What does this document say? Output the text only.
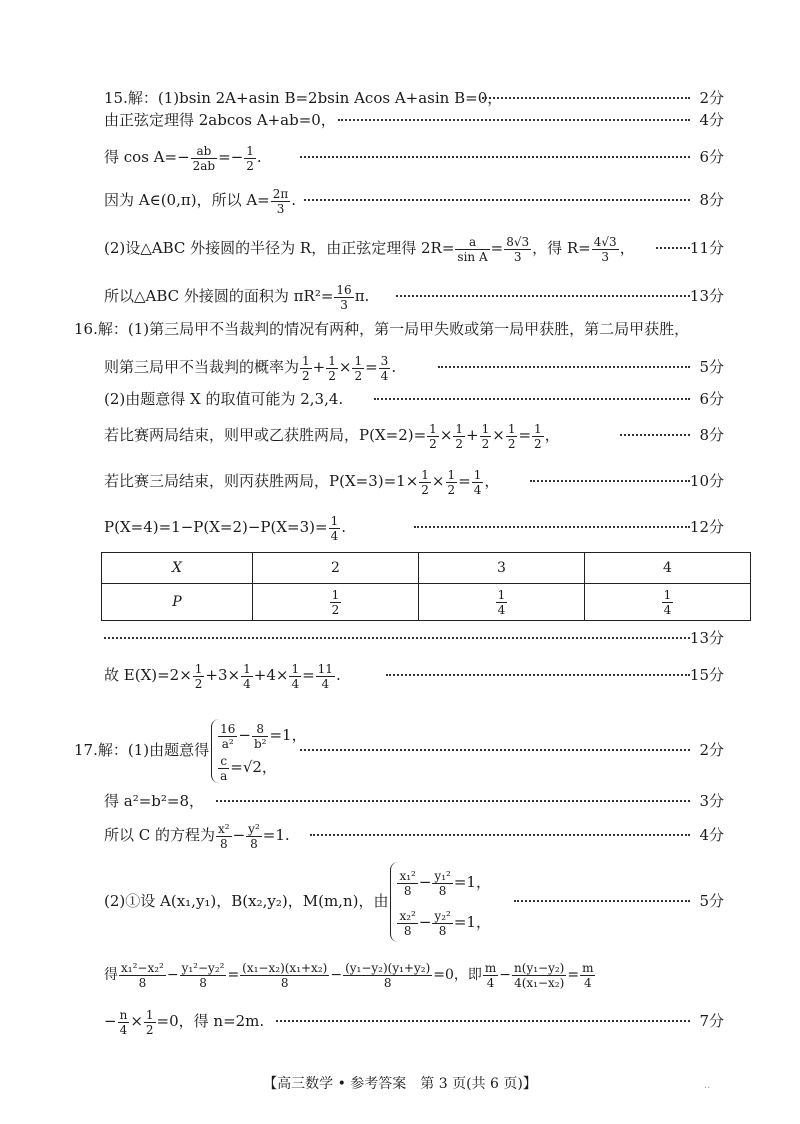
15.解：(1)bsin 2A+asin B=2bsin Acos A+asin B=0，	2分
由正弦定理得 2abcos A+ab=0，	4分
得 $\cos A=- \frac{ab}{2ab} =- \frac{1}{2}$ .	6分
因为 A∈(0,π)，所以 $A= \frac{2\pi}{3}$ .	8分
(2)设△ABC 外接圆的半径为 R，由正弦定理得 $2R= \frac{a}{\text{sin A}} = \frac{8√3}{3}$ ，得 $R= \frac{4√3}{3}$ ，	11分
所以△ABC 外接圆的面积为 $\pi R^2= \frac{16}{3} \pi$.	13分
16.解：(1)第三局甲不当裁判的情况有两种，第一局甲失败或第一局甲获胜，第二局甲获胜，
则第三局甲不当裁判的概率为 $\frac{1}{2} + \frac{1}{2} \times \frac{1}{2} = \frac{3}{4}$ .	5分
(2)由题意得 X 的取值可能为 2,3,4.	6分
若比赛两局结束，则甲或乙获胜两局，$P(X=2)= \frac{1}{2} \times \frac{1}{2} + \frac{1}{2} \times \frac{1}{2} = \frac{1}{2}$ ，	8分
若比赛三局结束，则丙获胜两局，$P(X=3)=1\times \frac{1}{2} \times \frac{1}{2} = \frac{1}{4}$ ，	10分
$P(X=4)=1-P(X=2)-P(X=3)= \frac{1}{4}$ .	12分
X	2	3	4
P	$\frac{1}{2}$	$\frac{1}{4}$	$\frac{1}{4}$
13分
故 $E(X)=2\times \frac{1}{2} +3\times \frac{1}{4} +4\times \frac{1}{4} = \frac{11}{4}$ .	15分
17.解：(1)由题意得 $\frac{16}{\text{a²}} - \frac{8}{\text{b²}} =1$，
$\frac{c}{a} =√2$，
2分
得 a²=b²=8，	3分
所以 C 的方程为 $\frac{\text{x²}}{8} - \frac{\text{y²}}{8} =1$.	4分
(2)①设 A(x₁,y₁)，B(x₂,y₂)，M(m,n)，由
$\frac{\text{x₁²}}{8} - \frac{\text{y₁²}}{8} =1$，
$\frac{\text{x₂²}}{8} - \frac{\text{y₂²}}{8} =1$，
5分
得 $\frac{\text{x₁²−x₂²}}{8} - \frac{\text{y₁²−y₂²}}{8} = \frac{\text{(x₁−x₂)(x₁+x₂)}}{8} - \frac{\text{(y₁−y₂)(y₁+y₂)}}{8} =0$，即 $\frac{m}{4} - \frac{\text{n(y₁−y₂)}}{\text{4(x₁−x₂)}} = \frac{m}{4}$
− $\frac{n}{4} \times \frac{1}{2} =0$，得 n=2m.	7分
【高三数学 • 参考答案　第 3 页(共 6 页)】	..
